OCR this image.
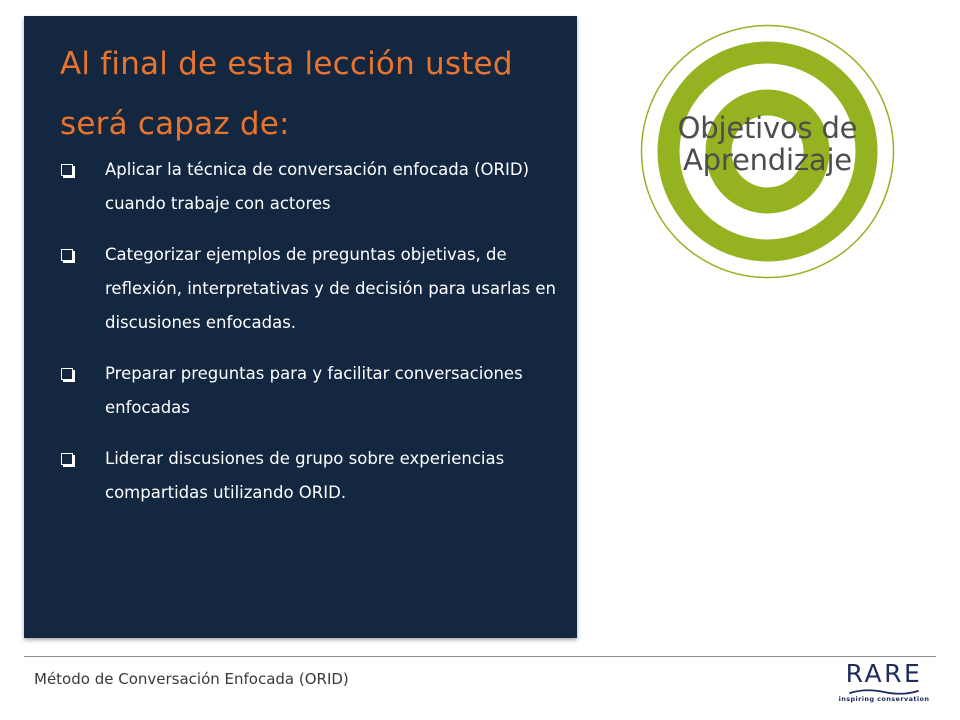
Al final de esta lección usted será capaz de:
Aplicar la técnica de conversación enfocada (ORID) cuando trabaje con actores
Categorizar ejemplos de preguntas objetivas, de reflexión, interpretativas y de decisión para usarlas en discusiones enfocadas.
Preparar preguntas para y facilitar conversaciones enfocadas
Liderar discusiones de grupo sobre experiencias compartidas utilizando ORID.
Objetivos de
Aprendizaje
Método de Conversación Enfocada (ORID)	RARE
inspiring conservation
